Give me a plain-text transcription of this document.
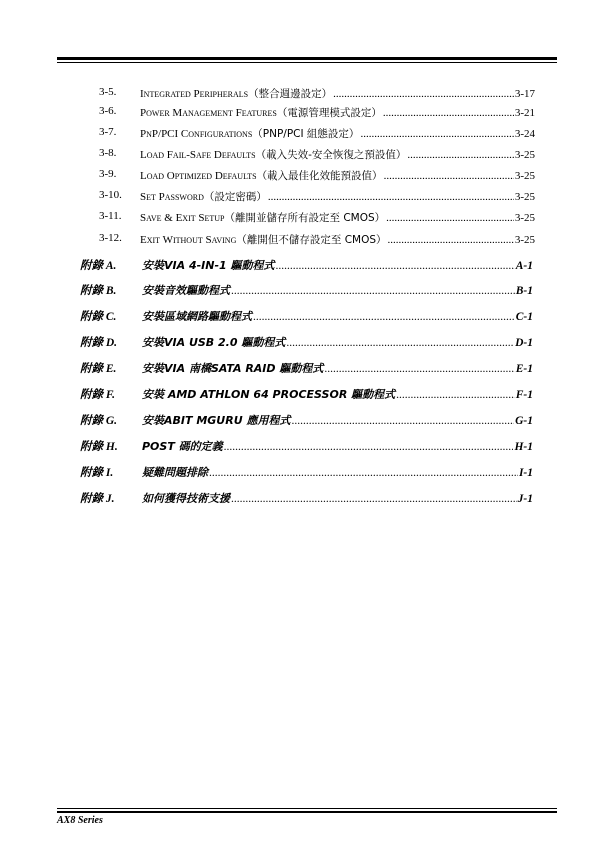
3-5. Integrated Peripherals （整合週邊設定） .....	3-17
3-6. Power Management Features （電源管理模式設定） .....	3-21
3-7. PnP/PCI Configurations （PNP/PCI 組態設定） .....	3-24
3-8. Load Fail-Safe Defaults （載入失效-安全恢復之預設值） .....	3-25
3-9. Load Optimized Defaults （載入最佳化效能預設值） .....	3-25
3-10. Set Password （設定密碼） .....	3-25
3-11. Save & Exit Setup （離開並儲存所有設定至 CMOS） .....	3-25
3-12. Exit Without Saving （離開但不儲存設定至 CMOS） .....	3-25
附錄 A. 安裝VIA 4-IN-1 驅動程式 .....	A-1
附錄 B. 安裝音效驅動程式 .....	B-1
附錄 C. 安裝區域網路驅動程式 .....	C-1
附錄 D. 安裝VIA USB 2.0 驅動程式 .....	D-1
附錄 E. 安裝VIA 南橋SATA RAID 驅動程式 .....	E-1
附錄 F. 安裝 AMD ATHLON 64 PROCESSOR 驅動程式 .....	F-1
附錄 G. 安裝ABIT MGURU 應用程式 .....	G-1
附錄 H. POST 碼的定義 .....	H-1
附錄 I.	疑難問題排除 .....	I-1
附錄 J.	如何獲得技術支援 .....	J-1
AX8 Series
